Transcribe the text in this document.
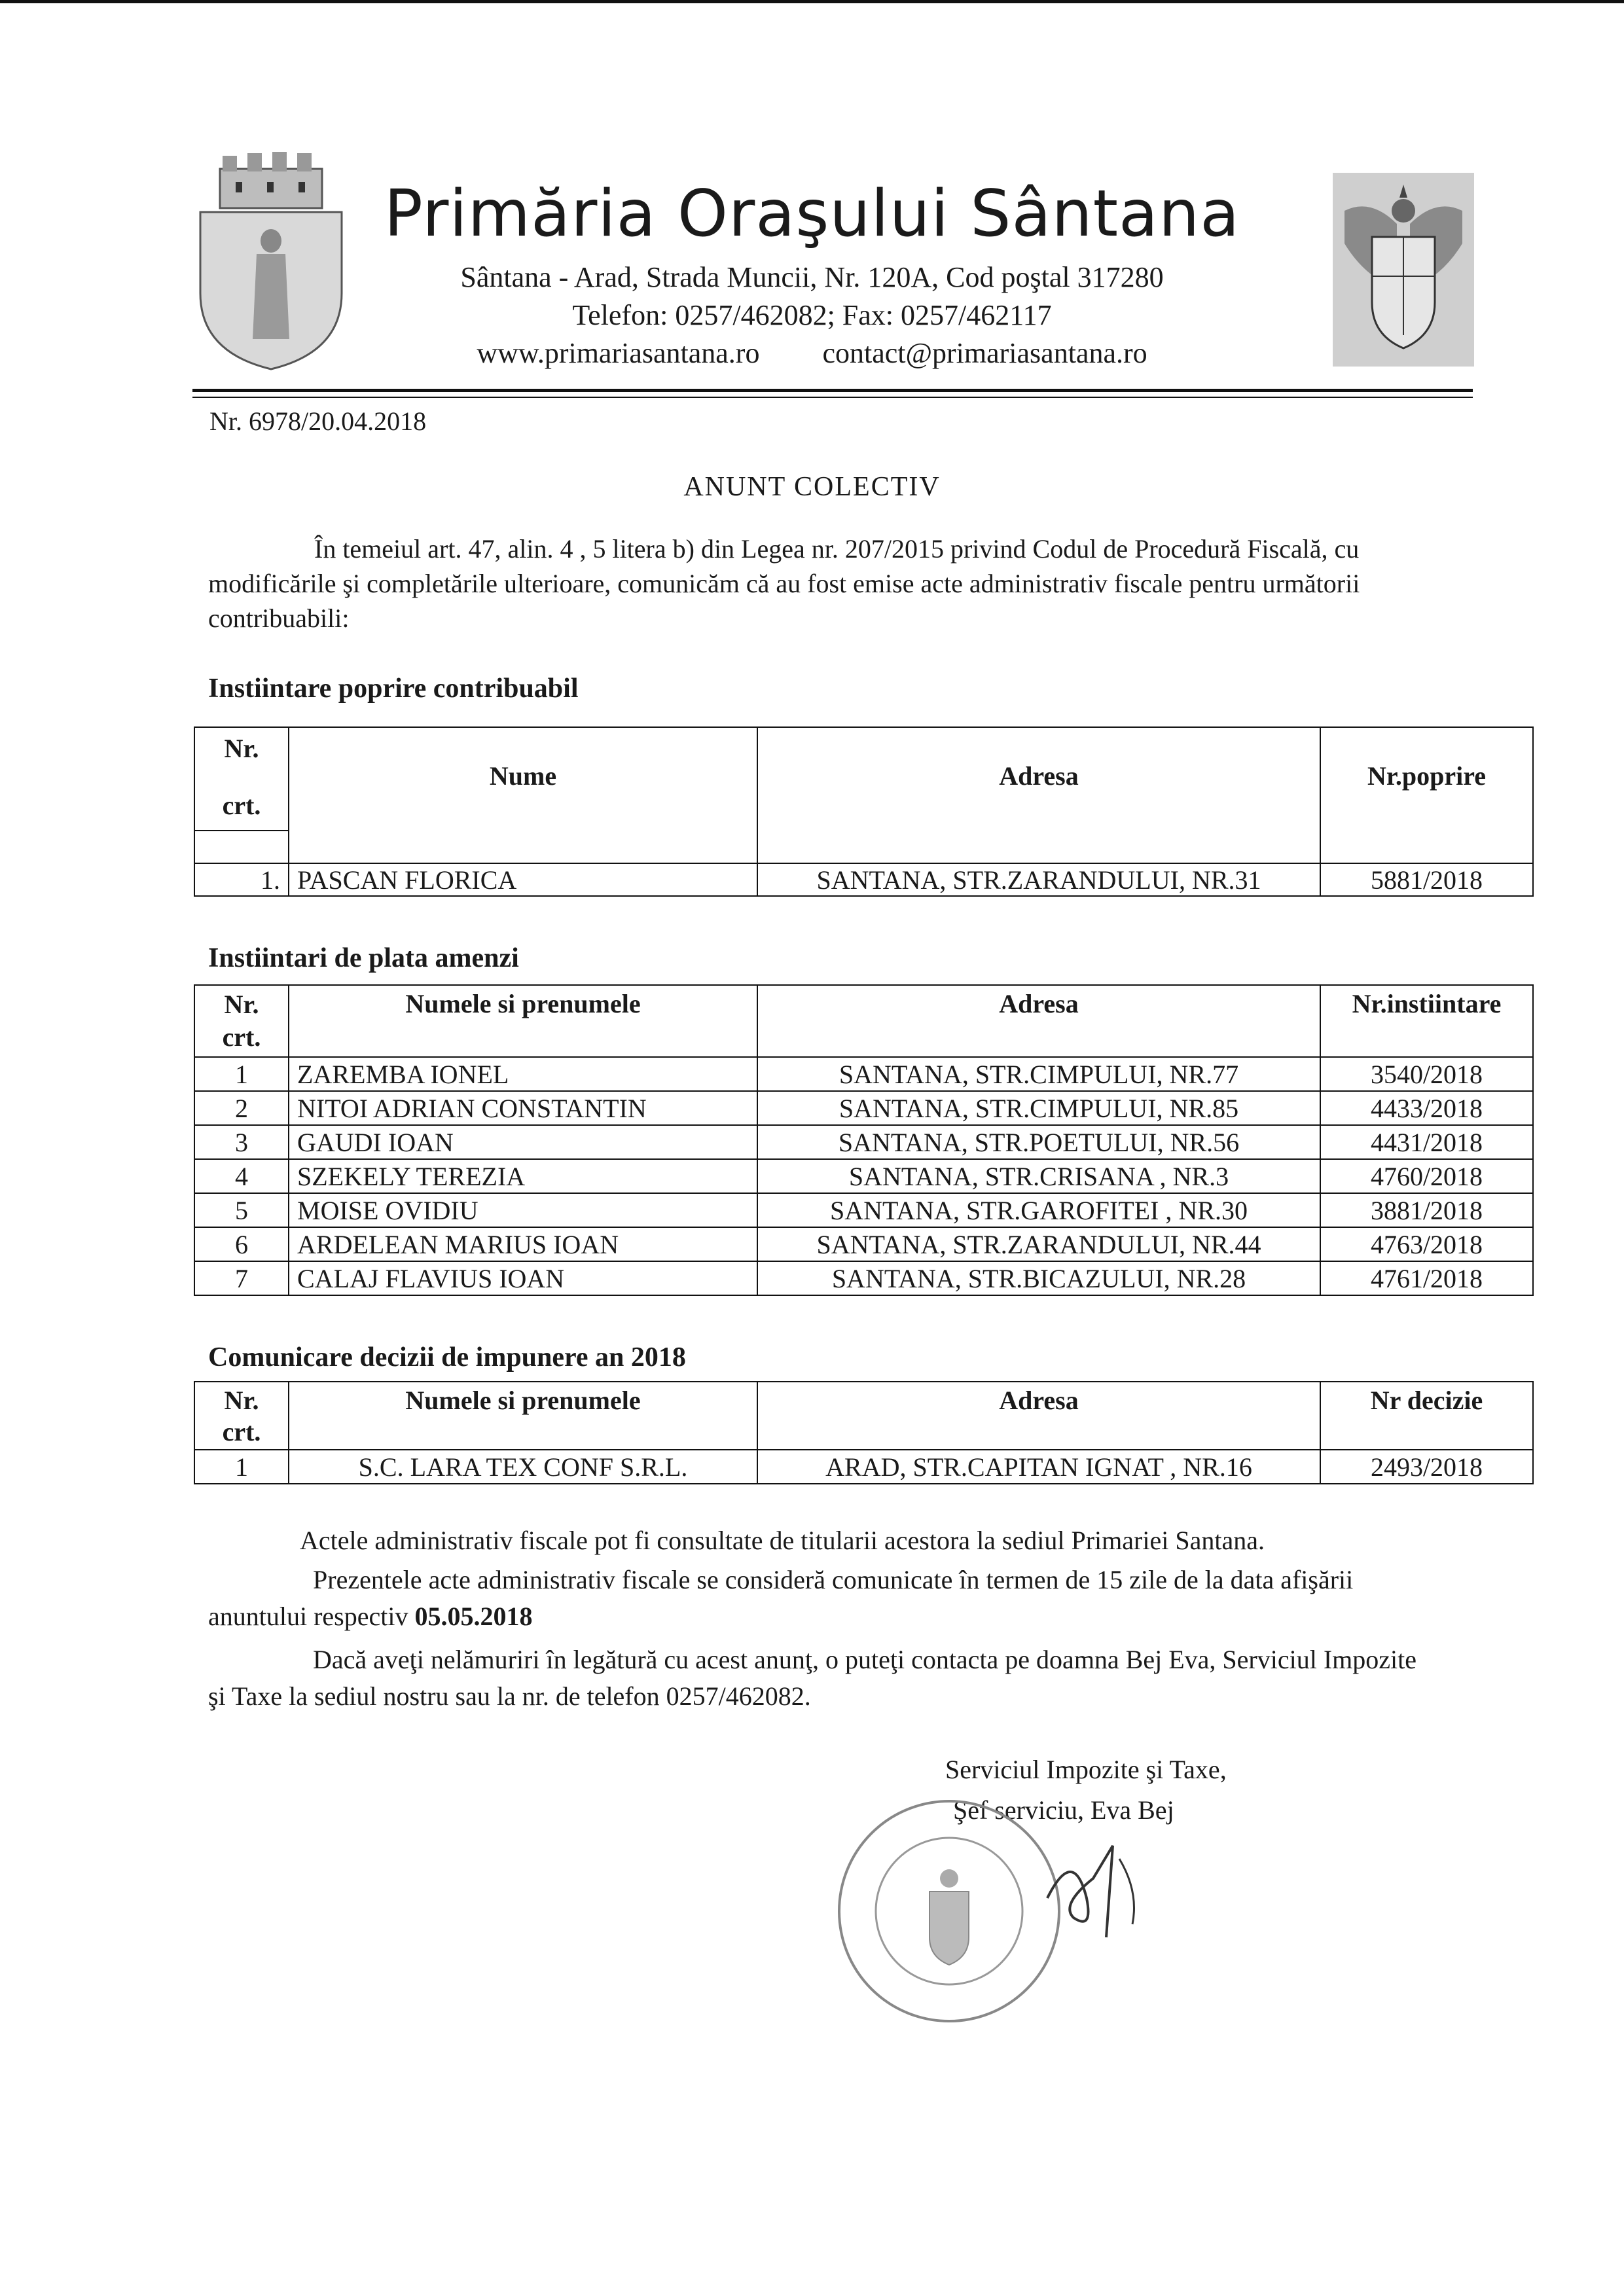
Primăria Oraşului Sântana
Sântana - Arad, Strada Muncii, Nr. 120A, Cod poştal 317280
Telefon: 0257/462082; Fax: 0257/462117
www.primariasantana.ro contact@primariasantana.ro
Nr. 6978/20.04.2018
ANUNT COLECTIV
În temeiul art. 47, alin. 4 , 5 litera b) din Legea nr. 207/2015 privind Codul de Procedură Fiscală, cu modificările şi completările ulterioare, comunicăm că au fost emise acte administrativ fiscale pentru următorii contribuabili:
Instiintare poprire contribuabil
Nr.
crt.	Nume	Adresa	Nr.poprire

1.	PASCAN FLORICA	SANTANA, STR.ZARANDULUI, NR.31	5881/2018
Instiintari de plata amenzi
Nr.
crt.	Numele si prenumele	Adresa	Nr.instiintare
1	ZAREMBA IONEL	SANTANA, STR.CIMPULUI, NR.77	3540/2018
2	NITOI ADRIAN CONSTANTIN	SANTANA, STR.CIMPULUI, NR.85	4433/2018
3	GAUDI IOAN	SANTANA, STR.POETULUI, NR.56	4431/2018
4	SZEKELY TEREZIA	SANTANA, STR.CRISANA , NR.3	4760/2018
5	MOISE OVIDIU	SANTANA, STR.GAROFITEI , NR.30	3881/2018
6	ARDELEAN MARIUS IOAN	SANTANA, STR.ZARANDULUI, NR.44	4763/2018
7	CALAJ FLAVIUS IOAN	SANTANA, STR.BICAZULUI, NR.28	4761/2018
Comunicare decizii de impunere an 2018
Nr.
crt.	Numele si prenumele	Adresa	Nr decizie
1	S.C. LARA TEX CONF S.R.L.	ARAD, STR.CAPITAN IGNAT , NR.16	2493/2018
Actele administrativ fiscale pot fi consultate de titularii acestora la sediul Primariei Santana.
Prezentele acte administrativ fiscale se consideră comunicate în termen de 15 zile de la data afişării anuntului respectiv 05.05.2018
Dacă aveţi nelămuriri în legătură cu acest anunţ, o puteţi contacta pe doamna Bej Eva, Serviciul Impozite şi Taxe la sediul nostru sau la nr. de telefon 0257/462082.
Serviciul Impozite şi Taxe,
Şef serviciu, Eva Bej
